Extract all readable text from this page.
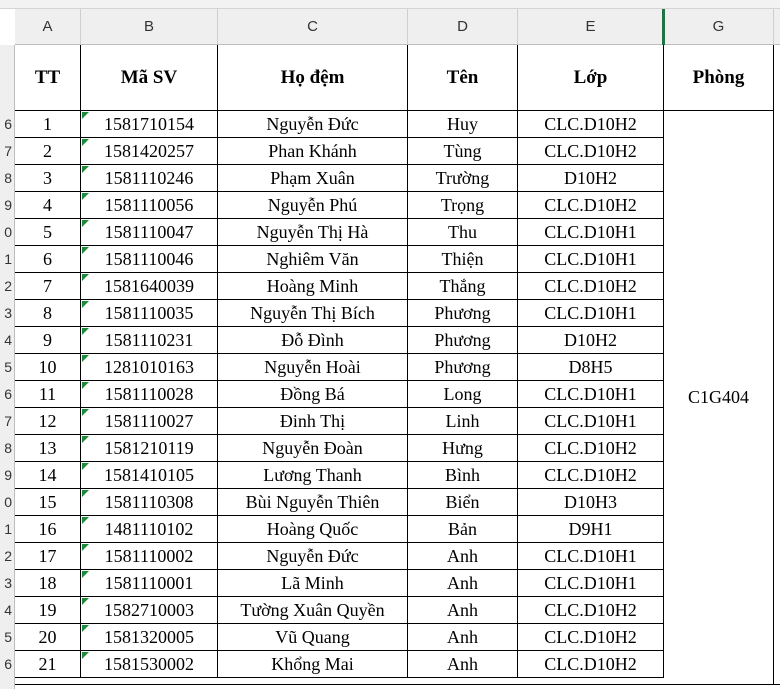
A	B	C	D	E	G
6
7
8
9
0
1
2
3
4
5
6
7
8
9
0
1
2
3
4
5
6
TT	Mã SV	Họ đệm	Tên	Lớp	Phòng
C1G404
1	1581710154	Nguyễn Đức	Huy	CLC.D10H2
2	1581420257	Phan Khánh	Tùng	CLC.D10H2
3	1581110246	Phạm Xuân	Trường	D10H2
4	1581110056	Nguyễn Phú	Trọng	CLC.D10H2
5	1581110047	Nguyễn Thị Hà	Thu	CLC.D10H1
6	1581110046	Nghiêm Văn	Thiện	CLC.D10H1
7	1581640039	Hoàng Minh	Thắng	CLC.D10H2
8	1581110035	Nguyễn Thị Bích	Phương	CLC.D10H1
9	1581110231	Đỗ Đình	Phương	D10H2
10	1281010163	Nguyễn Hoài	Phương	D8H5
11	1581110028	Đồng Bá	Long	CLC.D10H1
12	1581110027	Đinh Thị	Linh	CLC.D10H1
13	1581210119	Nguyễn Đoàn	Hưng	CLC.D10H2
14	1581410105	Lương Thanh	Bình	CLC.D10H2
15	1581110308	Bùi Nguyễn Thiên	Biển	D10H3
16	1481110102	Hoàng Quốc	Bản	D9H1
17	1581110002	Nguyễn Đức	Anh	CLC.D10H1
18	1581110001	Lã Minh	Anh	CLC.D10H1
19	1582710003	Tường Xuân Quyền	Anh	CLC.D10H2
20	1581320005	Vũ Quang	Anh	CLC.D10H2
21	1581530002	Khổng Mai	Anh	CLC.D10H2
